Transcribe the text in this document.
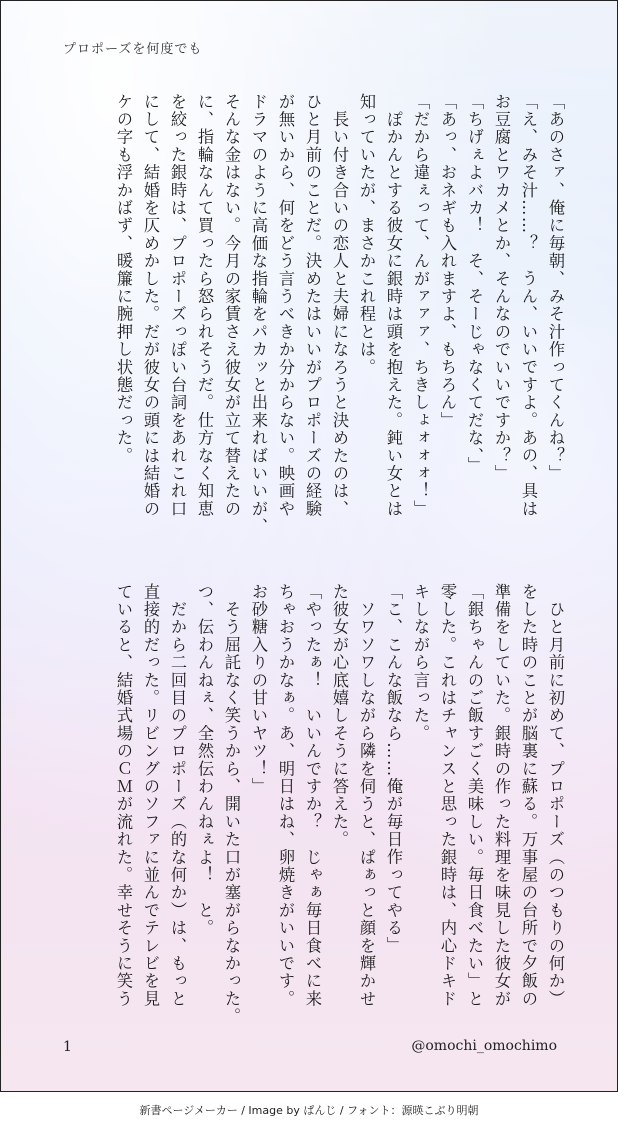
プロポーズを何度でも

「あのさァ、俺に毎朝、みそ汁作ってくんね？」

「え、みそ汁……？　うん、いいですよ。あの、具は

お豆腐とワカメとか、そんなのでいいですか？」

「ちげぇよバカ！　そ、そーじゃなくてだな、」

「あっ、おネギも入れますよ、もちろん」

「だから違ぇって、んがァァァ、ちきしょォォォ！」

　ぽかんとする彼女に銀時は頭を抱えた。鈍い女とは

知っていたが、まさかこれ程とは。

　長い付き合いの恋人と夫婦になろうと決めたのは、

ひと月前のことだ。決めたはいいがプロポーズの経験

が無いから、何をどう言うべきか分からない。映画や

ドラマのように高価な指輪をパカッと出来ればいいが、

そんな金はない。今月の家賃さえ彼女が立て替えたの

に、指輪なんて買ったら怒られそうだ。仕方なく知恵

を絞った銀時は、プロポーズっぽい台詞をあれこれ口

にして、結婚を仄めかした。だが彼女の頭には結婚の

ケの字も浮かばず、暖簾に腕押し状態だった。

　ひと月前に初めて、プロポーズ（のつもりの何か）

をした時のことが脳裏に蘇る。万事屋の台所で夕飯の

準備をしていた。銀時の作った料理を味見した彼女が

「銀ちゃんのご飯すごく美味しい。毎日食べたい」と

零した。これはチャンスと思った銀時は、内心ドキド

キしながら言った。

「こ、こんな飯なら……俺が毎日作ってやる」

　ソワソワしながら隣を伺うと、ぱぁっと顔を輝かせ

た彼女が心底嬉しそうに答えた。

「やったぁ！　いいんですか？　じゃぁ毎日食べに来

ちゃおうかなぁ。あ、明日はね、卵焼きがいいです。

お砂糖入りの甘いヤツ！」

　そう屈託なく笑うから、開いた口が塞がらなかった。

つ、伝わんねぇ、全然伝わんねぇよ！　と。

　だから二回目のプロポーズ（的な何か）は、もっと

直接的だった。リビングのソファに並んでテレビを見

ていると、結婚式場のＣＭが流れた。幸せそうに笑う

1	@omochi_omochimo
新書ページメーカー / Image by ぱんじ / フォント：源暎こぶり明朝
